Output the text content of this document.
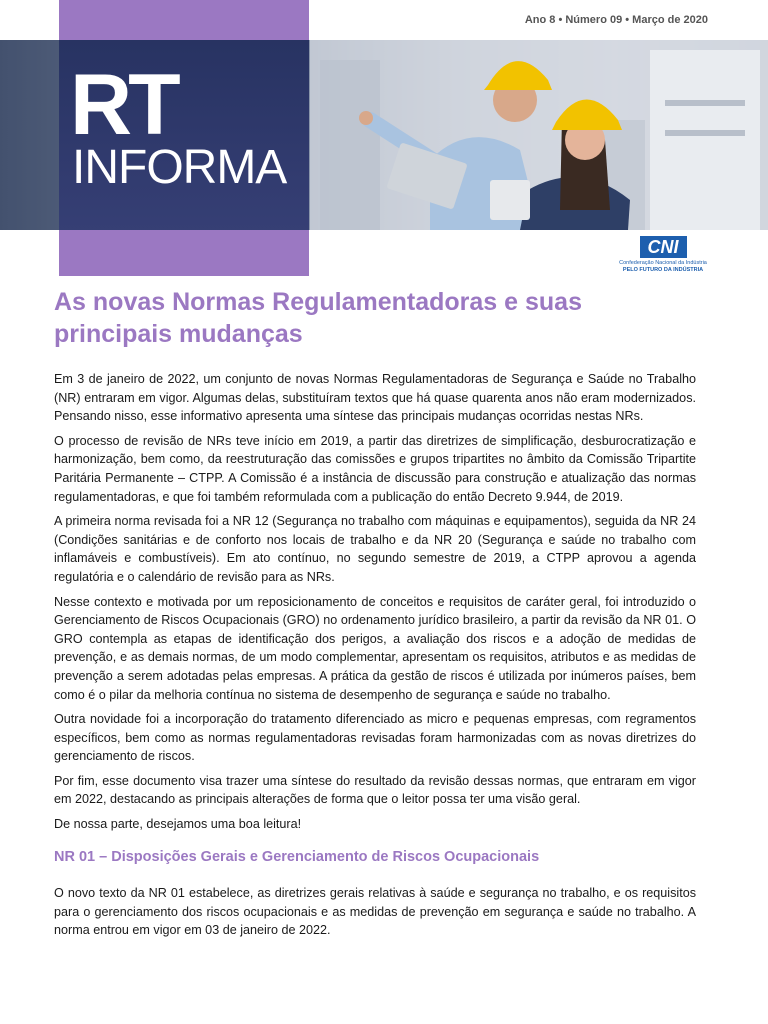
Ano 8 • Número 09 • Março de 2020
RT
INFORMA
CNI
Confederação Nacional da Indústria
PELO FUTURO DA INDÚSTRIA
As novas Normas Regulamentadoras e suas principais mudanças

Em 3 de janeiro de 2022, um conjunto de novas Normas Regulamentadoras de Segurança e Saúde no Trabalho (NR) entraram em vigor. Algumas delas, substituíram textos que há quase quarenta anos não eram modernizados. Pensando nisso, esse informativo apresenta uma síntese das principais mudanças ocorridas nestas NRs.

O processo de revisão de NRs teve início em 2019, a partir das diretrizes de simplificação, desburocratização e harmonização, bem como, da reestruturação das comissões e grupos tripartites no âmbito da Comissão Tripartite Paritária Permanente – CTPP. A Comissão é a instância de discussão para construção e atualização das normas regulamentadoras, e que foi também reformulada com a publicação do então Decreto 9.944, de 2019.

A primeira norma revisada foi a NR 12 (Segurança no trabalho com máquinas e equipamentos), seguida da NR 24 (Condições sanitárias e de conforto nos locais de trabalho e da NR 20 (Segurança e saúde no trabalho com inflamáveis e combustíveis). Em ato contínuo, no segundo semestre de 2019, a CTPP aprovou a agenda regulatória e o calendário de revisão para as NRs.

Nesse contexto e motivada por um reposicionamento de conceitos e requisitos de caráter geral, foi introduzido o Gerenciamento de Riscos Ocupacionais (GRO) no ordenamento jurídico brasileiro, a partir da revisão da NR 01. O GRO contempla as etapas de identificação dos perigos, a avaliação dos riscos e a adoção de medidas de prevenção, e as demais normas, de um modo complementar, apresentam os requisitos, atributos e as medidas de prevenção a serem adotadas pelas empresas. A prática da gestão de riscos é utilizada por inúmeros países, bem como é o pilar da melhoria contínua no sistema de desempenho de segurança e saúde no trabalho.

Outra novidade foi a incorporação do tratamento diferenciado as micro e pequenas empresas, com regramentos específicos, bem como as normas regulamentadoras revisadas foram harmonizadas com as novas diretrizes do gerenciamento de riscos.

Por fim, esse documento visa trazer uma síntese do resultado da revisão dessas normas, que entraram em vigor em 2022, destacando as principais alterações de forma que o leitor possa ter uma visão geral.

De nossa parte, desejamos uma boa leitura!

NR 01 – Disposições Gerais e Gerenciamento de Riscos Ocupacionais

O novo texto da NR 01 estabelece, as diretrizes gerais relativas à saúde e segurança no trabalho, e os requisitos para o gerenciamento dos riscos ocupacionais e as medidas de prevenção em segurança e saúde no trabalho. A norma entrou em vigor em 03 de janeiro de 2022.
